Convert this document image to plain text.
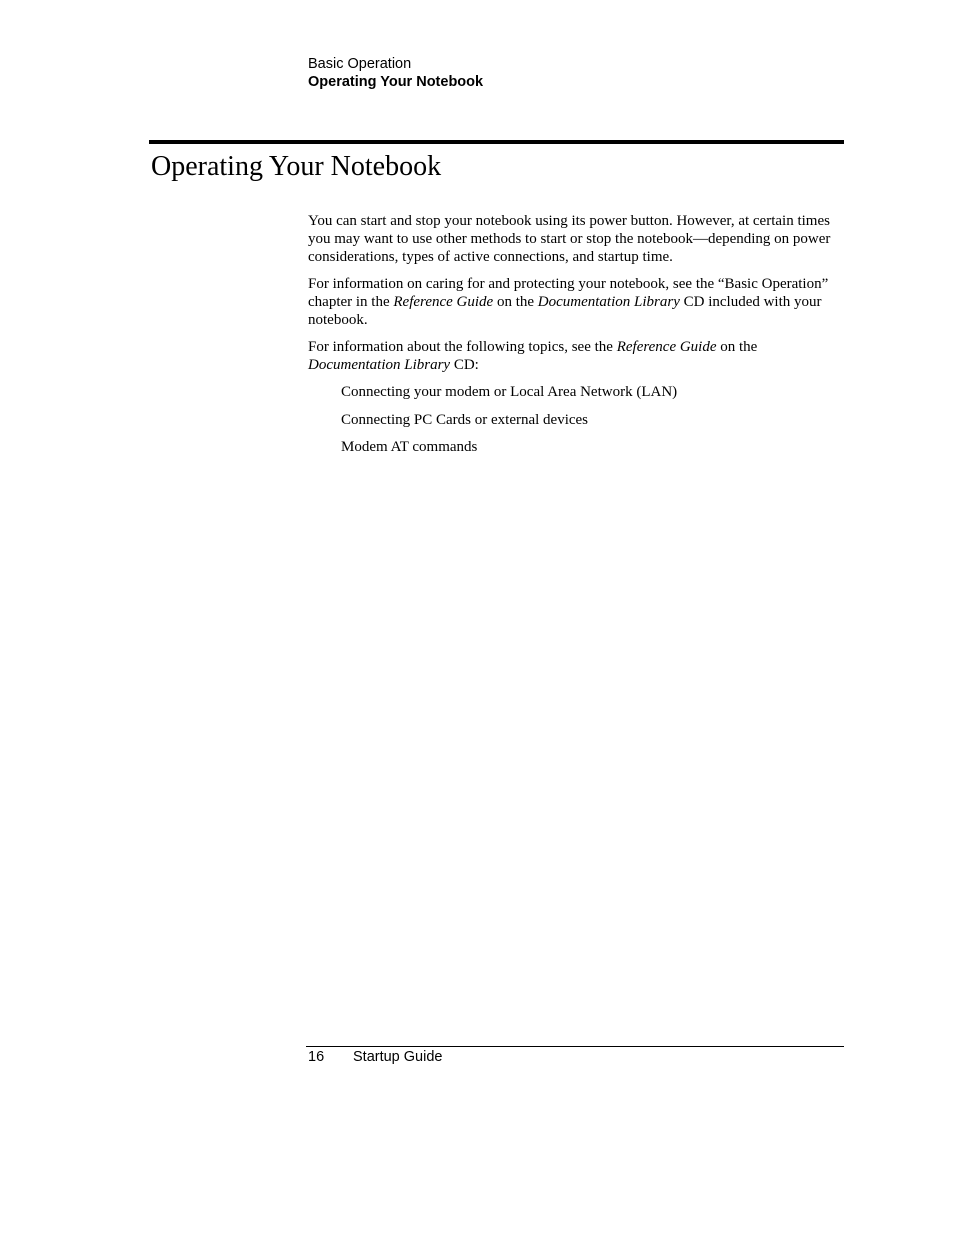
Basic Operation
Operating Your Notebook
Operating Your Notebook

You can start and stop your notebook using its power button. However, at certain times you may want to use other methods to start or stop the notebook—depending on power considerations, types of active connections, and startup time.

For information on caring for and protecting your notebook, see the “Basic Operation” chapter in the Reference Guide on the Documentation Library CD included with your notebook.

For information about the following topics, see the Reference Guide on the Documentation Library CD:

Connecting your modem or Local Area Network (LAN)
Connecting PC Cards or external devices
Modem AT commands
16 Startup Guide
